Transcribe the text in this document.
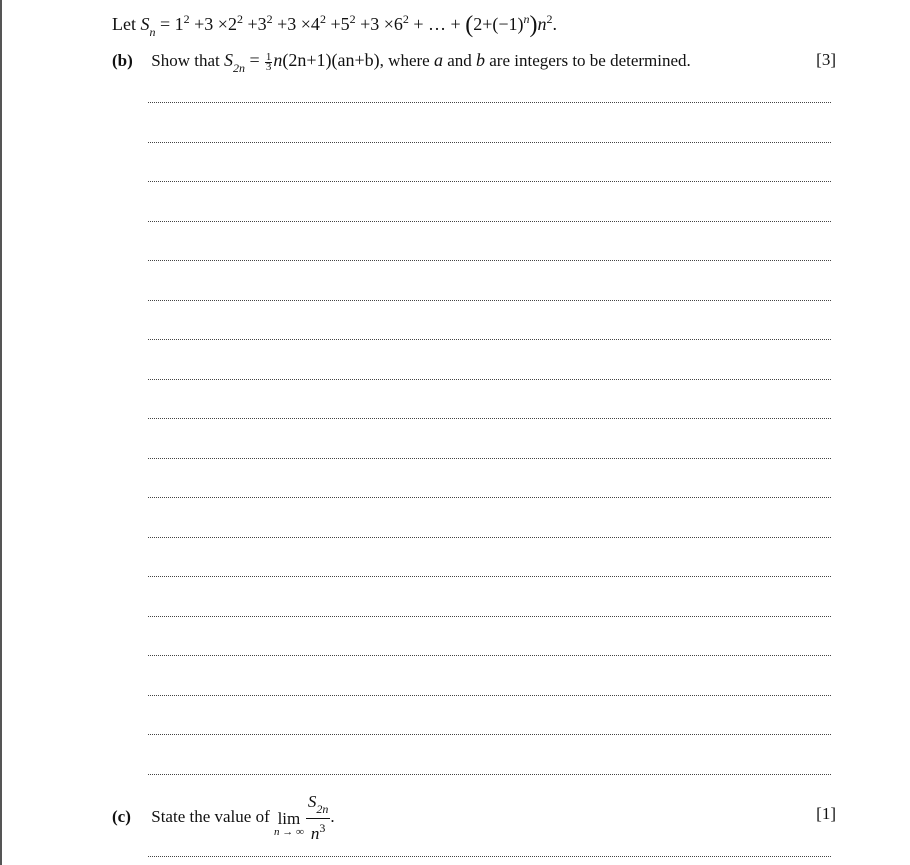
Let $S_n = 1^2 +3 \times 2^2 +3^2 +3 \times 4^2 +5^2 +3 \times 6^2$ + … + $(2+(-1)^n)n^2$.
(b) Show that $S_{2n} = \frac{1}{3} n(2n+1)(an+b)$, where a and b are integers to be determined.	[3]
(c) State the value of lim
n → ∞ $\frac{S_{2n}}{n^3}$ .	[1]
